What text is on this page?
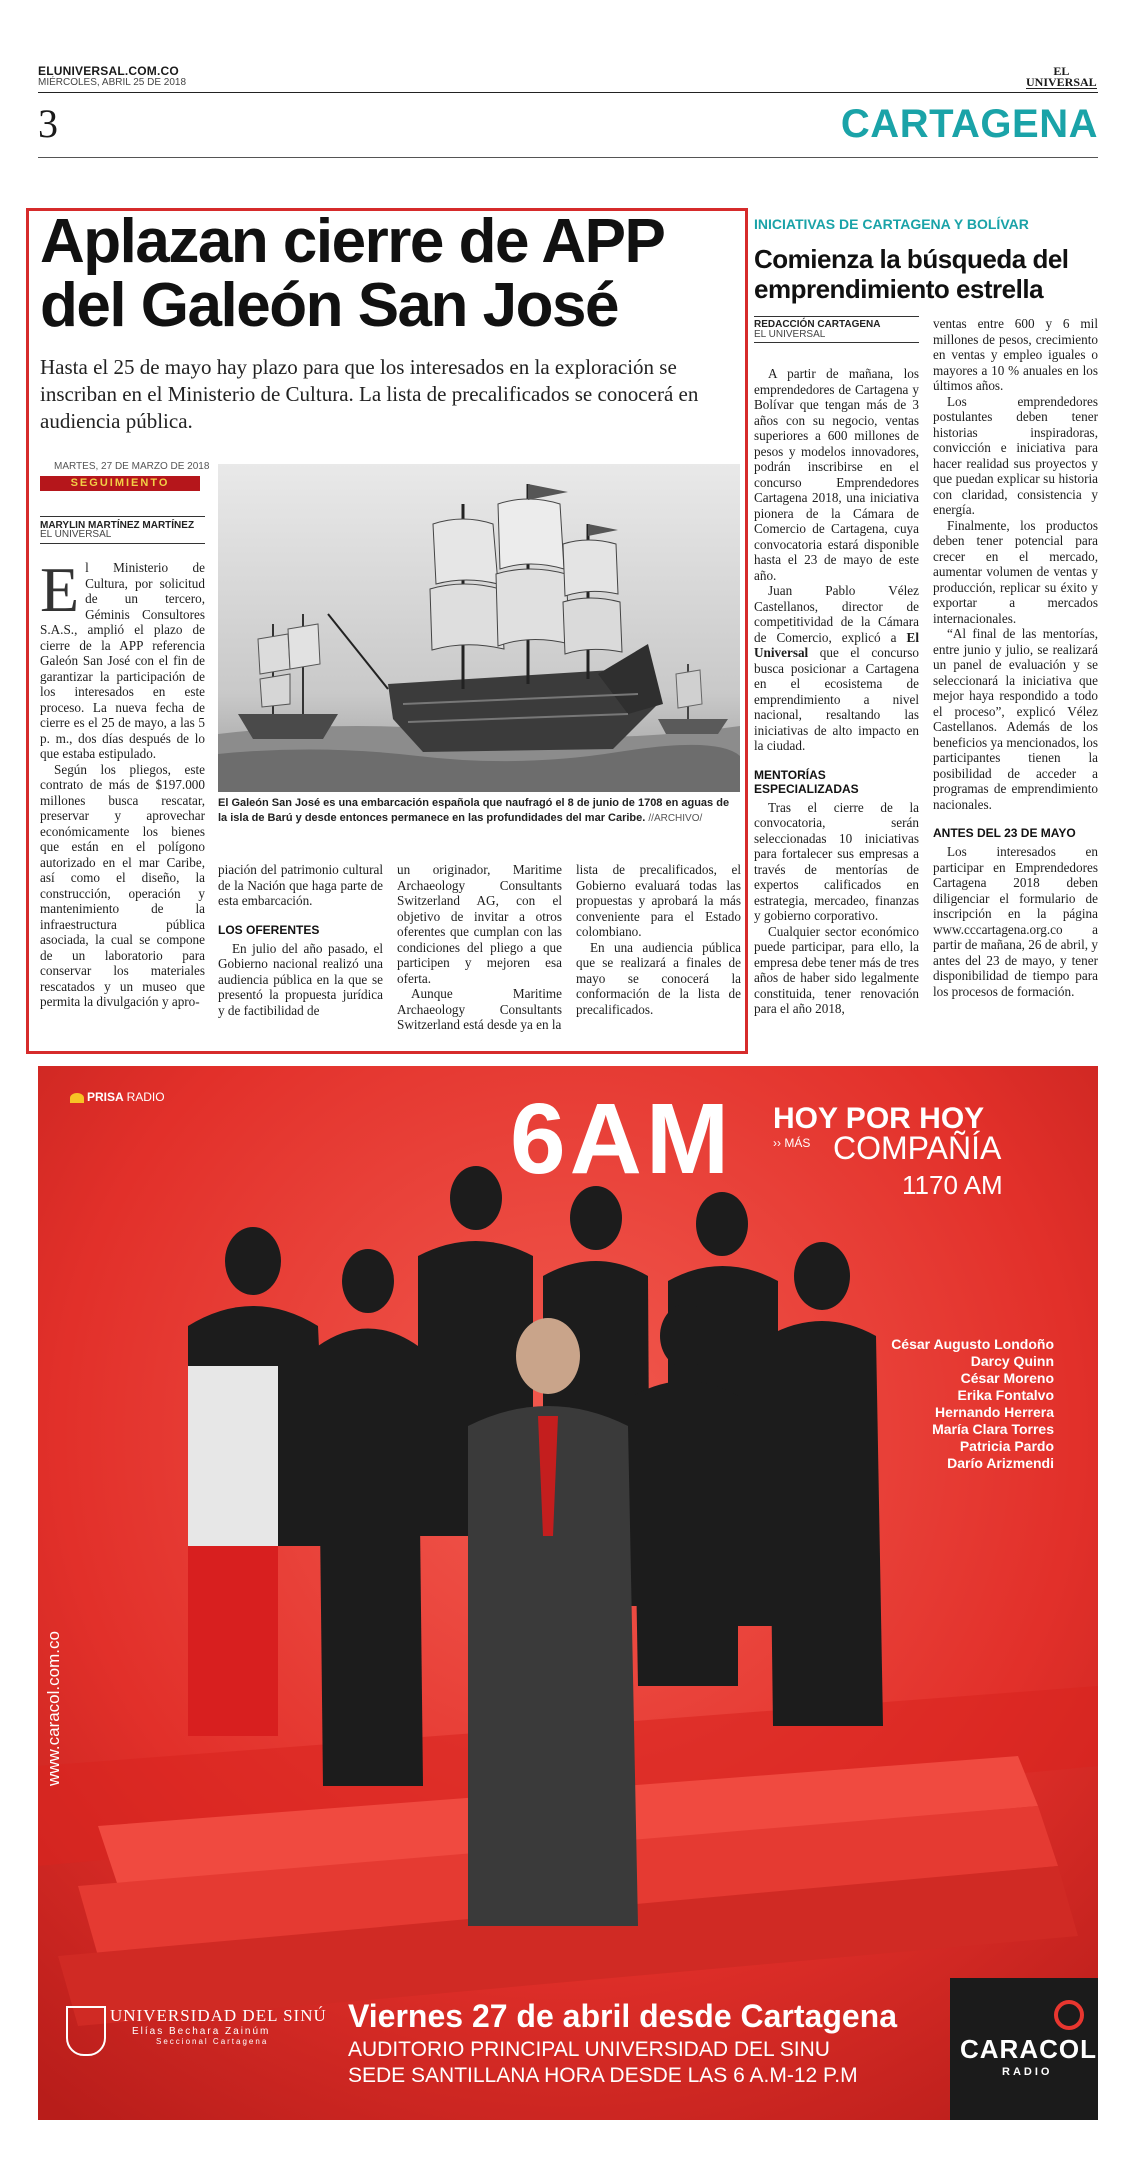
ELUNIVERSAL.COM.CO
MIÉRCOLES, ABRIL 25 DE 2018
EL
UNIVERSAL
3	CARTAGENA
Aplazan cierre de APP
del Galeón San José
Hasta el 25 de mayo hay plazo para que los interesados en la exploración se inscriban en el Ministerio de Cultura. La lista de precalificados se conocerá en audiencia pública.
MARTES, 27 DE MARZO DE 2018
SEGUIMIENTO
MARYLIN MARTÍNEZ MARTÍNEZ
EL UNIVERSAL

El Ministerio de Cultura, por solicitud de un tercero, Géminis Consultores S.A.S., amplió el plazo de cierre de la APP referencia Galeón San José con el fin de garantizar la participación de los interesados en este proceso. La nueva fecha de cierre es el 25 de mayo, a las 5 p. m., dos días después de lo que estaba estipulado.

Según los pliegos, este contrato de más de $197.000 millones busca rescatar, preservar y aprovechar económicamente los bienes que están en el polígono autorizado en el mar Caribe, así como el diseño, la construcción, operación y mantenimiento de la infraestructura pública asociada, la cual se compone de un laboratorio para conservar los materiales rescatados y un museo que permita la divulgación y apro-

El Galeón San José es una embarcación española que naufragó el 8 de junio de 1708 en aguas de la isla de Barú y desde entonces permanece en las profundidades del mar Caribe. //ARCHIVO/

piación del patrimonio cultural de la Nación que haga parte de esta embarcación.

LOS OFERENTES

En julio del año pasado, el Gobierno nacional realizó una audiencia pública en la que se presentó la propuesta jurídica y de factibilidad de

un originador, Maritime Archaeology Consultants Switzerland AG, con el objetivo de invitar a otros oferentes que cumplan con las condiciones del pliego a que participen y mejoren esa oferta.

Aunque Maritime Archaeology Consultants Switzerland está desde ya en la

lista de precalificados, el Gobierno evaluará todas las propuestas y aprobará la más conveniente para el Estado colombiano.

En una audiencia pública que se realizará a finales de mayo se conocerá la conformación de la lista de precalificados.

INICIATIVAS DE CARTAGENA Y BOLÍVAR
Comienza la búsqueda del emprendimiento estrella
REDACCIÓN CARTAGENA
EL UNIVERSAL

A partir de mañana, los emprendedores de Cartagena y Bolívar que tengan más de 3 años con su negocio, ventas superiores a 600 millones de pesos y modelos innovadores, podrán inscribirse en el concurso Emprendedores Cartagena 2018, una iniciativa pionera de la Cámara de Comercio de Cartagena, cuya convocatoria estará disponible hasta el 23 de mayo de este año.

Juan Pablo Vélez Castellanos, director de competitividad de la Cámara de Comercio, explicó a El Universal que el concurso busca posicionar a Cartagena en el ecosistema de emprendimiento a nivel nacional, resaltando las iniciativas de alto impacto en la ciudad.

MENTORÍAS ESPECIALIZADAS

Tras el cierre de la convocatoria, serán seleccionadas 10 iniciativas para fortalecer sus empresas a través de mentorías de expertos calificados en estrategia, mercadeo, finanzas y gobierno corporativo.

Cualquier sector económico puede participar, para ello, la empresa debe tener más de tres años de haber sido legalmente constituida, tener renovación para el año 2018,

ventas entre 600 y 6 mil millones de pesos, crecimiento en ventas y empleo iguales o mayores a 10 % anuales en los últimos años.

Los emprendedores postulantes deben tener historias inspiradoras, convicción e iniciativa para hacer realidad sus proyectos y que puedan explicar su historia con claridad, consistencia y energía.

Finalmente, los productos deben tener potencial para crecer en el mercado, aumentar volumen de ventas y producción, replicar su éxito y exportar a mercados internacionales.

“Al final de las mentorías, entre junio y julio, se realizará un panel de evaluación y se seleccionará la iniciativa que mejor haya respondido a todo el proceso”, explicó Vélez Castellanos. Además de los beneficios ya mencionados, los participantes tienen la posibilidad de acceder a programas de emprendimiento nacionales.

ANTES DEL 23 DE MAYO

Los interesados en participar en Emprendedores Cartagena 2018 deben diligenciar el formulario de inscripción en la página www.cccartagena.org.co a partir de mañana, 26 de abril, y antes del 23 de mayo, y tener disponibilidad de tiempo para los procesos de formación.

PRISA RADIO	6AM HOY POR HOY
›› MÁS COMPAÑÍA
1170 AM
César Augusto Londoño
Darcy Quinn
César Moreno
Erika Fontalvo
Hernando Herrera
María Clara Torres
Patricia Pardo
Darío Arizmendi
www.caracol.com.co
UNIVERSIDAD DEL SINÚ
Elías Bechara Zainúm
Seccional Cartagena
Viernes 27 de abril desde Cartagena
AUDITORIO PRINCIPAL UNIVERSIDAD DEL SINU
SEDE SANTILLANA HORA DESDE LAS 6 A.M-12 P.M
CARACOL
RADIO
